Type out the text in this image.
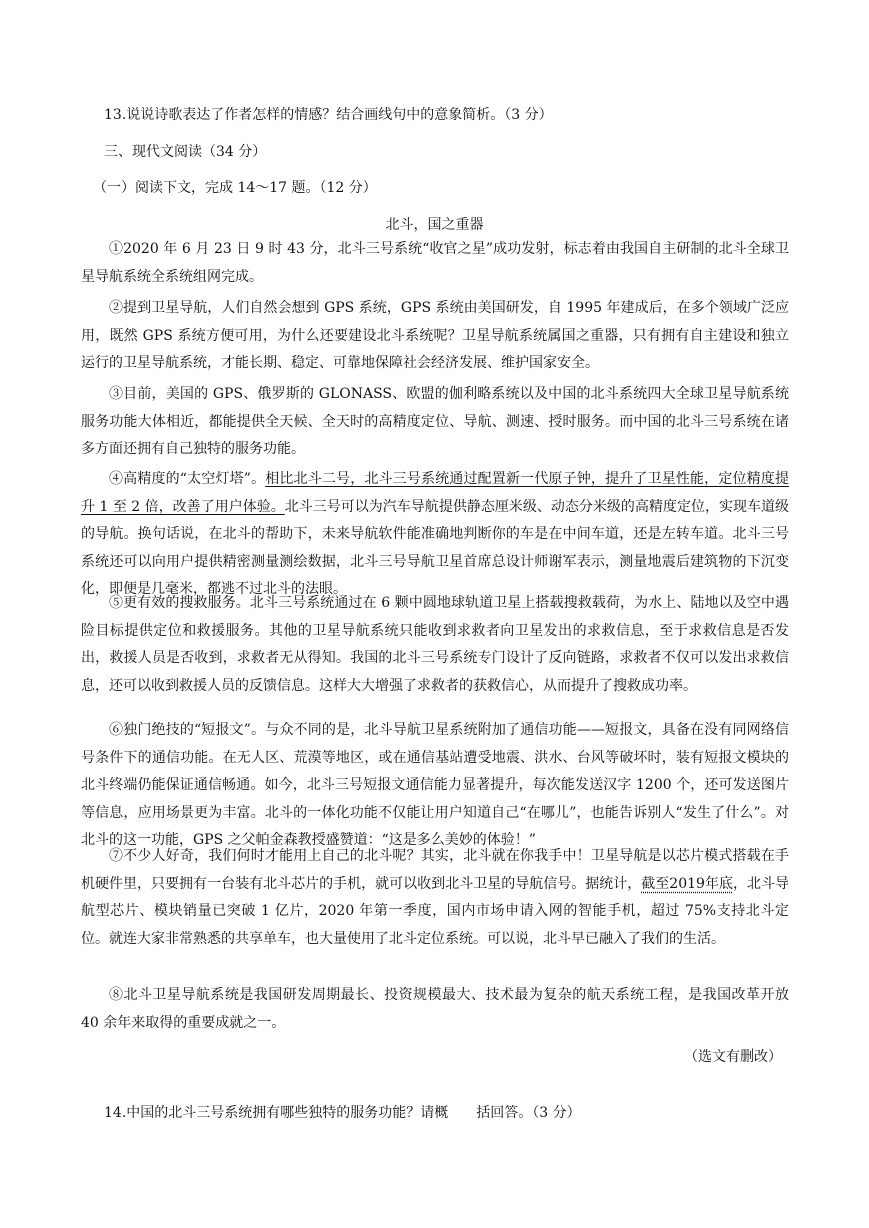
13.说说诗歌表达了作者怎样的情感？结合画线句中的意象简析。（3 分）
三、现代文阅读（34 分）
（一）阅读下文，完成 14～17 题。（12 分）
北斗，国之重器

①2020 年 6 月 23 日 9 时 43 分，北斗三号系统“收官之星”成功发射，标志着由我国自主研制的北斗全球卫星导航系统全系统组网完成。

②提到卫星导航，人们自然会想到 GPS 系统，GPS 系统由美国研发，自 1995 年建成后，在多个领域广泛应用，既然 GPS 系统方便可用，为什么还要建设北斗系统呢？卫星导航系统属国之重器，只有拥有自主建设和独立运行的卫星导航系统，才能长期、稳定、可靠地保障社会经济发展、维护国家安全。

③目前，美国的 GPS、俄罗斯的 GLONASS、欧盟的伽利略系统以及中国的北斗系统四大全球卫星导航系统服务功能大体相近，都能提供全天候、全天时的高精度定位、导航、测速、授时服务。而中国的北斗三号系统在诸多方面还拥有自己独特的服务功能。

④高精度的“太空灯塔”。相比北斗二号，北斗三号系统通过配置新一代原子钟，提升了卫星性能，定位精度提升 1 至 2 倍，改善了用户体验。北斗三号可以为汽车导航提供静态厘米级、动态分米级的高精度定位，实现车道级的导航。换句话说，在北斗的帮助下，未来导航软件能准确地判断你的车是在中间车道，还是左转车道。北斗三号系统还可以向用户提供精密测量测绘数据，北斗三号导航卫星首席总设计师谢军表示，测量地震后建筑物的下沉变化，即便是几毫米，都逃不过北斗的法眼。

⑤更有效的搜救服务。北斗三号系统通过在 6 颗中圆地球轨道卫星上搭载搜救载荷，为水上、陆地以及空中遇险目标提供定位和救援服务。其他的卫星导航系统只能收到求救者向卫星发出的求救信息，至于求救信息是否发出，救援人员是否收到，求救者无从得知。我国的北斗三号系统专门设计了反向链路，求救者不仅可以发出求救信息，还可以收到救援人员的反馈信息。这样大大增强了求救者的获救信心，从而提升了搜救成功率。

⑥独门绝技的“短报文”。与众不同的是，北斗导航卫星系统附加了通信功能——短报文，具备在没有同网络信号条件下的通信功能。在无人区、荒漠等地区，或在通信基站遭受地震、洪水、台风等破坏时，装有短报文模块的北斗终端仍能保证通信畅通。如今，北斗三号短报文通信能力显著提升，每次能发送汉字 1200 个，还可发送图片等信息，应用场景更为丰富。北斗的一体化功能不仅能让用户知道自己“在哪儿”，也能告诉别人“发生了什么”。对北斗的这一功能，GPS 之父帕金森教授盛赞道：“这是多么美妙的体验！”

⑦不少人好奇，我们何时才能用上自己的北斗呢？其实，北斗就在你我手中！卫星导航是以芯片模式搭载在手机硬件里，只要拥有一台装有北斗芯片的手机，就可以收到北斗卫星的导航信号。据统计，截至2019年底，北斗导航型芯片、模块销量已突破 1 亿片，2020 年第一季度，国内市场申请入网的智能手机，超过 75%支持北斗定位。就连大家非常熟悉的共享单车，也大量使用了北斗定位系统。可以说，北斗早已融入了我们的生活。

⑧北斗卫星导航系统是我国研发周期最长、投资规模最大、技术最为复杂的航天系统工程，是我国改革开放 40 余年来取得的重要成就之一。

（选文有删改）
14.中国的北斗三号系统拥有哪些独特的服务功能？请概　　括回答。（3 分）
